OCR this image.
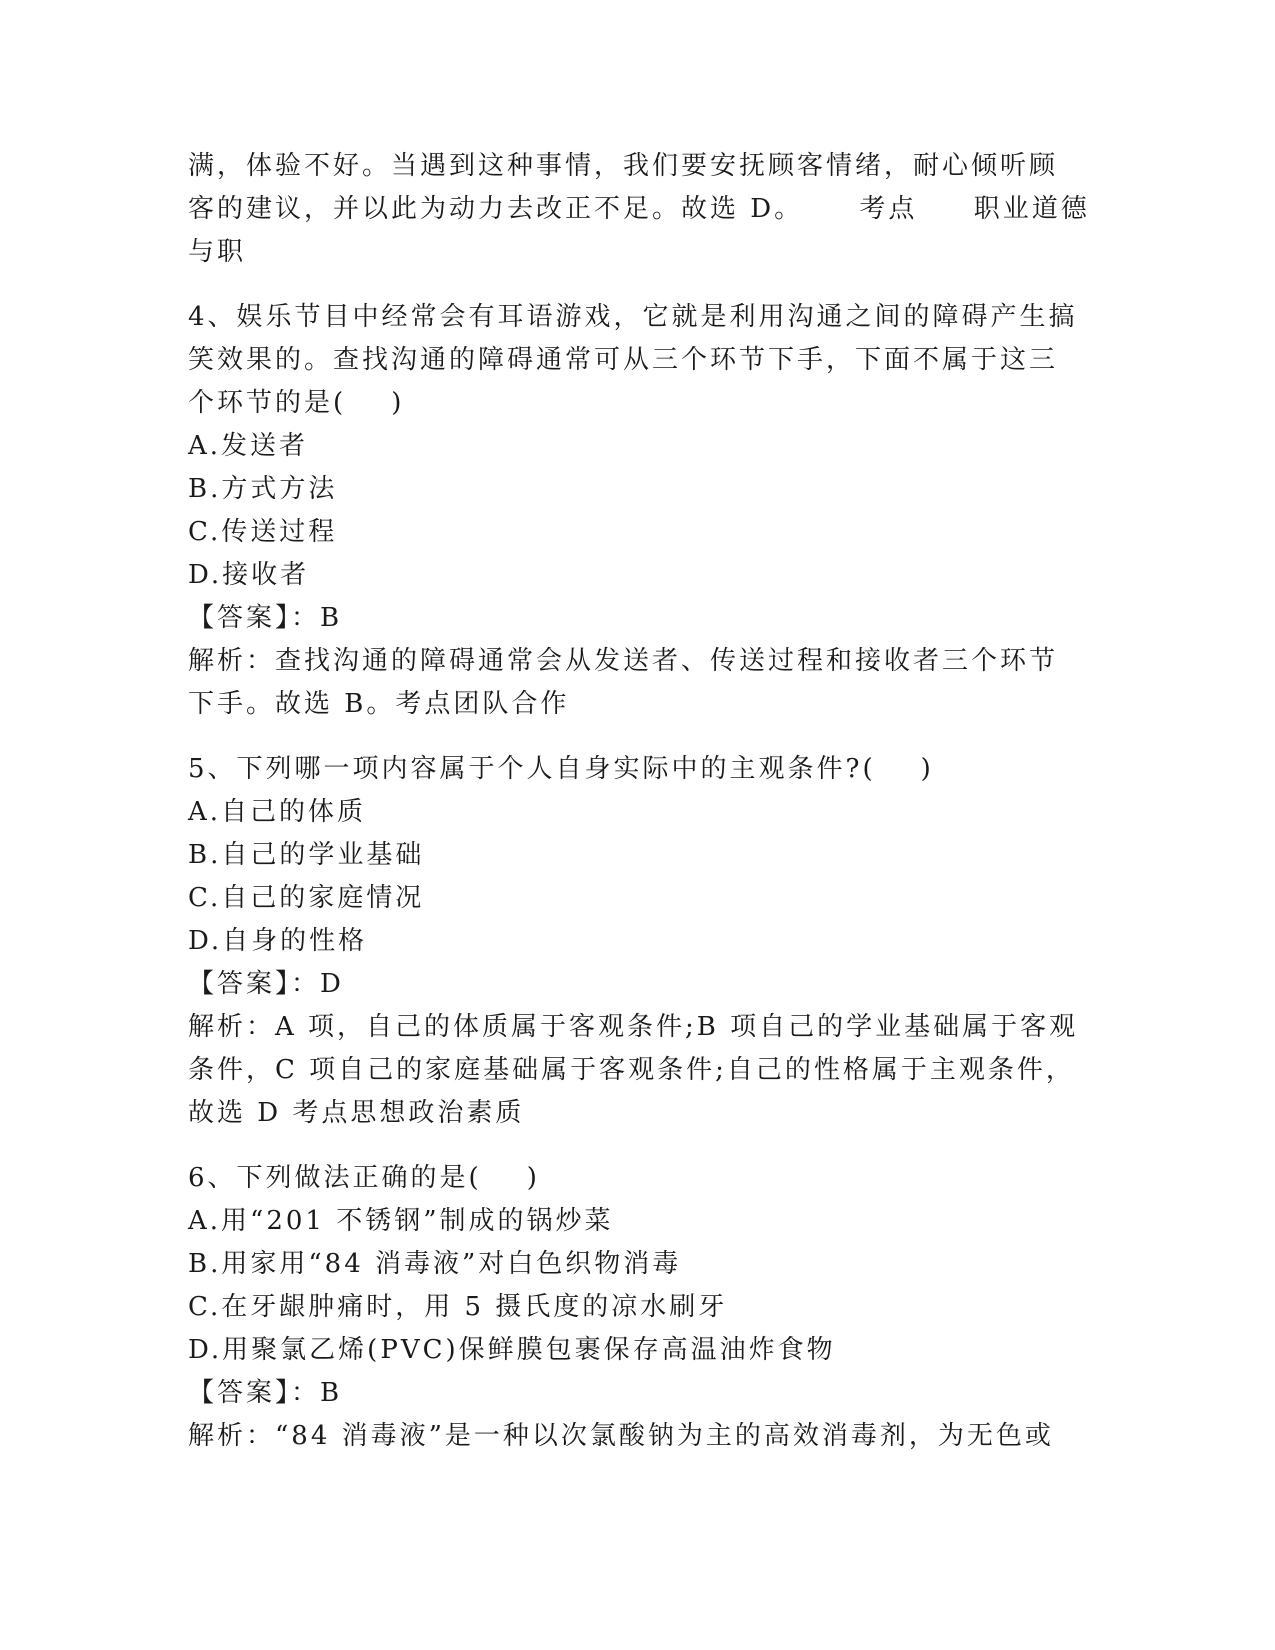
满，体验不好。当遇到这种事情，我们要安抚顾客情绪，耐心倾听顾
客的建议，并以此为动力去改正不足。故选 D。     考点     职业道德
与职
4、娱乐节目中经常会有耳语游戏，它就是利用沟通之间的障碍产生搞
笑效果的。查找沟通的障碍通常可从三个环节下手，下面不属于这三
个环节的是(    )
A.发送者
B.方式方法
C.传送过程
D.接收者
【答案】：B
解析：查找沟通的障碍通常会从发送者、传送过程和接收者三个环节
下手。故选 B。考点团队合作
5、下列哪一项内容属于个人自身实际中的主观条件?(    )
A.自己的体质
B.自己的学业基础
C.自己的家庭情况
D.自身的性格
【答案】：D
解析：A 项，自己的体质属于客观条件;B 项自己的学业基础属于客观
条件，C 项自己的家庭基础属于客观条件;自己的性格属于主观条件，
故选 D 考点思想政治素质
6、下列做法正确的是(    )
A.用“201 不锈钢”制成的锅炒菜
B.用家用“84 消毒液”对白色织物消毒
C.在牙龈肿痛时，用 5 摄氏度的凉水刷牙
D.用聚氯乙烯(PVC)保鲜膜包裹保存高温油炸食物
【答案】：B
解析：“84 消毒液”是一种以次氯酸钠为主的高效消毒剂，为无色或
